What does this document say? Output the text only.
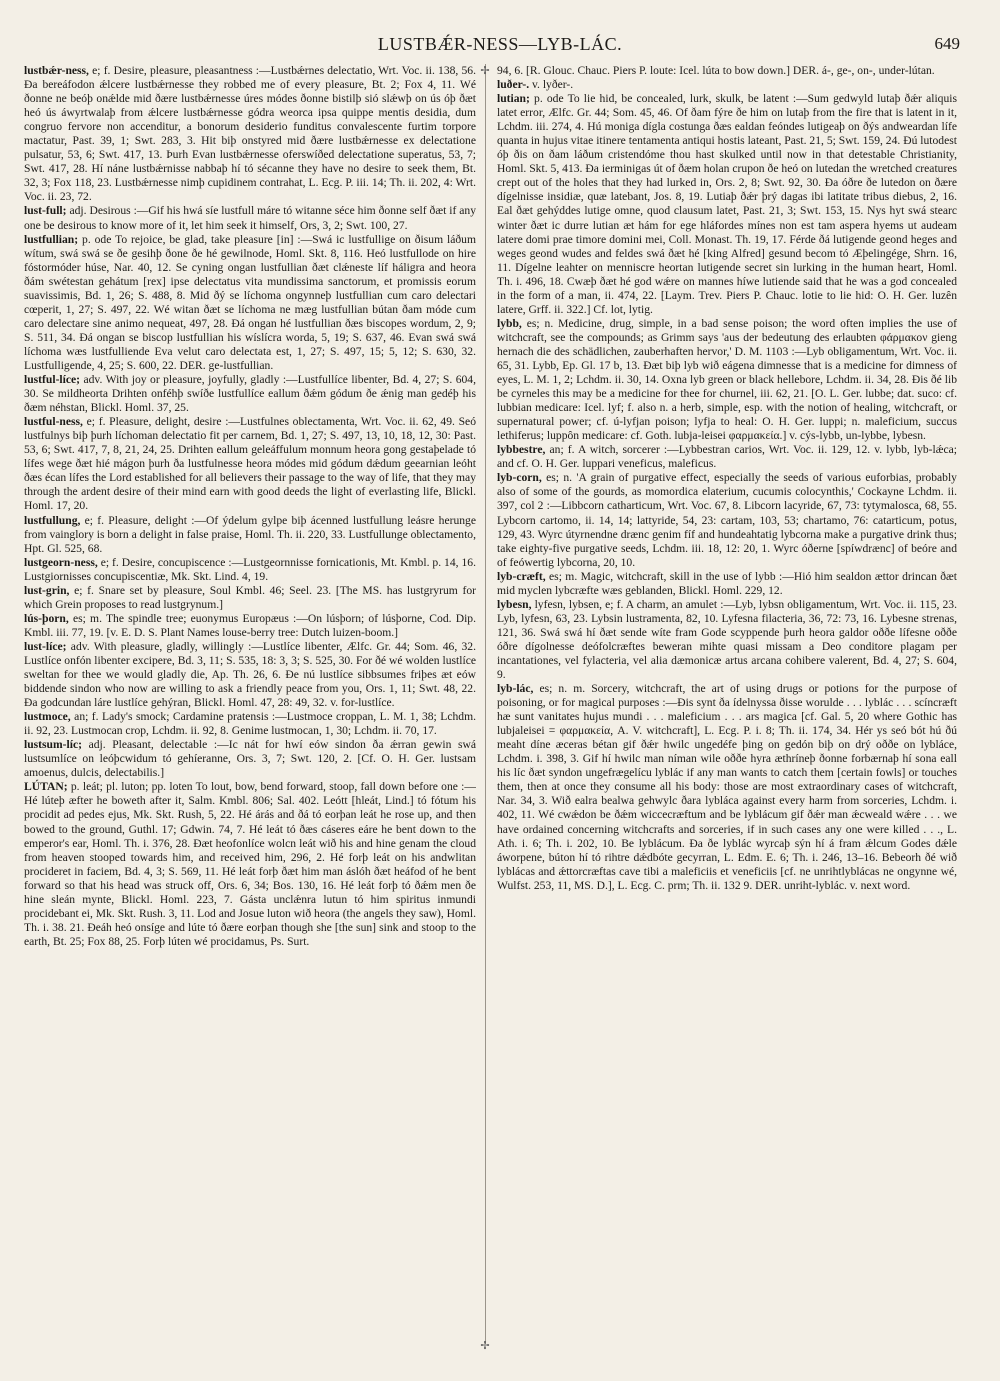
LUSTBǼR-NESS—LYB-LÁC.	649
lustbǽr-ness, e; f. Desire, pleasure, pleasantness :—Lustbǽrnes delectatio, Wrt. Voc. ii. 138, 56. Ða bereáfodon ǽlcere lustbǽrnesse they robbed me of every pleasure, Bt. 2; Fox 4, 11. Wé ðonne ne beóþ onǽlde mid ðære lustbǽrnesse úres módes ðonne bistilþ sió slǽwþ on ús óþ ðæt heó ús áwyrtwalaþ from ǽlcere lustbǽrnesse gódra weorca ipsa quippe mentis desidia, dum congruo fervore non accenditur, a bonorum desiderio funditus convalescente furtim torpore mactatur, Past. 39, 1; Swt. 283, 3. Hit biþ onstyred mid ðære lustbǽrnesse ex delectatione pulsatur, 53, 6; Swt. 417, 13. Þurh Evan lustbǽrnesse oferswíðed delectatione superatus, 53, 7; Swt. 417, 28. Hí náne lustbǽrnisse nabbaþ hí tó sécanne they have no desire to seek them, Bt. 32, 3; Fox 118, 23. Lustbǽrnesse nimþ cupidinem contrahat, L. Ecg. P. iii. 14; Th. ii. 202, 4: Wrt. Voc. ii. 23, 72.
lust-full; adj. Desirous :—Gif his hwá síe lustfull máre tó witanne séce him ðonne self ðæt if any one be desirous to know more of it, let him seek it himself, Ors, 3, 2; Swt. 100, 27.
lustfullian; p. ode To rejoice, be glad, take pleasure [in] :—Swá ic lustfullige on ðisum láðum wítum, swá swá se ðe gesihþ ðone ðe hé gewilnode, Homl. Skt. 8, 116. Heó lustfullode on hire fóstormóder húse, Nar. 40, 12. Se cyning ongan lustfullian ðæt clǽneste líf háligra and heora ðám swétestan gehátum [rex] ipse delectatus vita mundissima sanctorum, et promissis eorum suavissimis, Bd. 1, 26; S. 488, 8. Mid ðý se líchoma ongynneþ lustfullian cum caro delectari cœperit, 1, 27; S. 497, 22. Wé witan ðæt se líchoma ne mæg lustfullian bútan ðam móde cum caro delectare sine animo nequeat, 497, 28. Ðá ongan hé lustfullian ðæs biscopes wordum, 2, 9; S. 511, 34. Ðá ongan se biscop lustfullian his wíslícra worda, 5, 19; S. 637, 46. Evan swá swá líchoma wæs lustfulliende Eva velut caro delectata est, 1, 27; S. 497, 15; 5, 12; S. 630, 32. Lustfulligende, 4, 25; S. 600, 22. DER. ge-lustfullian.
lustful-líce; adv. With joy or pleasure, joyfully, gladly :—Lustfullíce libenter, Bd. 4, 27; S. 604, 30. Se mildheorta Drihten onféhþ swíðe lustfullíce eallum ðǽm gódum ðe ǽnig man gedéþ his ðæm néhstan, Blickl. Homl. 37, 25.
lustful-ness, e; f. Pleasure, delight, desire :—Lustfulnes oblectamenta, Wrt. Voc. ii. 62, 49. Seó lustfulnys biþ þurh líchoman delectatio fit per carnem, Bd. 1, 27; S. 497, 13, 10, 18, 12, 30: Past. 53, 6; Swt. 417, 7, 8, 21, 24, 25. Drihten eallum geleáffulum monnum heora gong gestaþelade tó lífes wege ðæt hié mágon þurh ða lustfulnesse heora módes mid gódum dǽdum geearnian leóht ðæs écan lífes the Lord established for all believers their passage to the way of life, that they may through the ardent desire of their mind earn with good deeds the light of everlasting life, Blickl. Homl. 17, 20.
lustfullung, e; f. Pleasure, delight :—Of ýdelum gylpe biþ ácenned lustfullung leásre herunge from vainglory is born a delight in false praise, Homl. Th. ii. 220, 33. Lustfullunge oblectamento, Hpt. Gl. 525, 68.
lustgeorn-ness, e; f. Desire, concupiscence :—Lustgeornnisse fornicationis, Mt. Kmbl. p. 14, 16. Lustgiornisses concupiscentiæ, Mk. Skt. Lind. 4, 19.
lust-grin, e; f. Snare set by pleasure, Soul Kmbl. 46; Seel. 23. [The MS. has lustgryrum for which Grein proposes to read lustgrynum.]
lús-þorn, es; m. The spindle tree; euonymus Europæus :—On lúsþorn; of lúsþorne, Cod. Dip. Kmbl. iii. 77, 19. [v. E. D. S. Plant Names louse-berry tree: Dutch luizen-boom.]
lust-líce; adv. With pleasure, gladly, willingly :—Lustlíce libenter, Ælfc. Gr. 44; Som. 46, 32. Lustlíce onfón libenter excipere, Bd. 3, 11; S. 535, 18: 3, 3; S. 525, 30. For ðé wé wolden lustlíce sweltan for thee we would gladly die, Ap. Th. 26, 6. Ðe nú lustlíce sibbsumes friþes æt eów biddende sindon who now are willing to ask a friendly peace from you, Ors. 1, 11; Swt. 48, 22. Ða godcundan láre lustlíce gehýran, Blickl. Homl. 47, 28: 49, 32. v. for-lustlíce.
lustmoce, an; f. Lady's smock; Cardamine pratensis :—Lustmoce croppan, L. M. 1, 38; Lchdm. ii. 92, 23. Lustmocan crop, Lchdm. ii. 92, 8. Genime lustmocan, 1, 30; Lchdm. ii. 70, 17.
lustsum-líc; adj. Pleasant, delectable :—Ic nát for hwí eów sindon ða ǽrran gewin swá lustsumlíce on leóþcwidum tó gehíeranne, Ors. 3, 7; Swt. 120, 2. [Cf. O. H. Ger. lustsam amoenus, dulcis, delectabilis.]
LÚTAN; p. leát; pl. luton; pp. loten To lout, bow, bend forward, stoop, fall down before one :—Hé lúteþ æfter he boweth after it, Salm. Kmbl. 806; Sal. 402. Leótt [hleát, Lind.] tó fótum his procidit ad pedes ejus, Mk. Skt. Rush, 5, 22. Hé árás and ðá tó eorþan leát he rose up, and then bowed to the ground, Guthl. 17; Gdwin. 74, 7. Hé leát tó ðæs cáseres eáre he bent down to the emperor's ear, Homl. Th. i. 376, 28. Ðæt heofonlíce wolcn leát wið his and hine genam the cloud from heaven stooped towards him, and received him, 296, 2. Hé forþ leát on his andwlitan procideret in faciem, Bd. 4, 3; S. 569, 11. Hé leát forþ ðæt him man áslóh ðæt heáfod of he bent forward so that his head was struck off, Ors. 6, 34; Bos. 130, 16. Hé leát forþ tó ðǽm men ðe hine sleán mynte, Blickl. Homl. 223, 7. Gásta unclǽnra lutun tó him spiritus inmundi procidebant ei, Mk. Skt. Rush. 3, 11. Lod and Josue luton wið heora (the angels they saw), Homl. Th. i. 38. 21. Ðeáh heó onsíge and lúte tó ðære eorþan though she [the sun] sink and stoop to the earth, Bt. 25; Fox 88, 25. Forþ lúten wé procidamus, Ps. Surt.
✢
✢
94, 6. [R. Glouc. Chauc. Piers P. loute: Icel. lúta to bow down.] DER. á-, ge-, on-, under-lútan.
luðer-. v. lyðer-.
lutian; p. ode To lie hid, be concealed, lurk, skulk, be latent :—Sum gedwyld lutaþ ðǽr aliquis latet error, Ælfc. Gr. 44; Som. 45, 46. Of ðam fýre ðe him on lutaþ from the fire that is latent in it, Lchdm. iii. 274, 4. Hú moniga dígla costunga ðæs ealdan feóndes lutigeaþ on ðýs andweardan lífe quanta in hujus vitae itinere tentamenta antiqui hostis lateant, Past. 21, 5; Swt. 159, 24. Ðú lutodest óþ ðis on ðam láðum cristendóme thou hast skulked until now in that detestable Christianity, Homl. Skt. 5, 413. Ða ierminigas út of ðæm holan crupon ðe heó on lutedan the wretched creatures crept out of the holes that they had lurked in, Ors. 2, 8; Swt. 92, 30. Ða óðre ðe lutedon on ðære dígelnisse insidiæ, quæ latebant, Jos. 8, 19. Lutiaþ ðǽr þrý dagas ibi latitate tribus diebus, 2, 16. Eal ðæt gehýddes lutige omne, quod clausum latet, Past. 21, 3; Swt. 153, 15. Nys hyt swá stearc winter ðæt ic durre lutian æt hám for ege hláfordes mínes non est tam aspera hyems ut audeam latere domi prae timore domini mei, Coll. Monast. Th. 19, 17. Férde ðá lutigende geond heges and weges geond wudes and feldes swá ðæt hé [king Alfred] gesund becom tó Æþelingége, Shrn. 16, 11. Dígelne leahter on menniscre heortan lutigende secret sin lurking in the human heart, Homl. Th. i. 496, 18. Cwæþ ðæt hé god wǽre on mannes híwe lutiende said that he was a god concealed in the form of a man, ii. 474, 22. [Laym. Trev. Piers P. Chauc. lotie to lie hid: O. H. Ger. luzên latere, Grff. ii. 322.] Cf. lot, lytig.
lybb, es; n. Medicine, drug, simple, in a bad sense poison; the word often implies the use of witchcraft, see the compounds; as Grimm says 'aus der bedeutung des erlaubten φάρμακον gieng hernach die des schädlichen, zauberhaften hervor,' D. M. 1103 :—Lyb obligamentum, Wrt. Voc. ii. 65, 31. Lybb, Ep. Gl. 17 b, 13. Ðæt biþ lyb wið eágena dimnesse that is a medicine for dimness of eyes, L. M. 1, 2; Lchdm. ii. 30, 14. Oxna lyb green or black hellebore, Lchdm. ii. 34, 28. Ðis ðé lib be cyrneles this may be a medicine for thee for churnel, iii. 62, 21. [O. L. Ger. lubbe; dat. suco: cf. lubbian medicare: Icel. lyf; f. also n. a herb, simple, esp. with the notion of healing, witchcraft, or supernatural power; cf. ú-lyfjan poison; lyfja to heal: O. H. Ger. luppi; n. maleficium, succus lethiferus; luppôn medicare: cf. Goth. lubja-leisei φαρμακεία.] v. cýs-lybb, un-lybbe, lybesn.
lybbestre, an; f. A witch, sorcerer :—Lybbestran carios, Wrt. Voc. ii. 129, 12. v. lybb, lyb-lǽca; and cf. O. H. Ger. luppari veneficus, maleficus.
lyb-corn, es; n. 'A grain of purgative effect, especially the seeds of various euforbias, probably also of some of the gourds, as momordica elaterium, cucumis colocynthis,' Cockayne Lchdm. ii. 397, col 2 :—Libbcorn catharticum, Wrt. Voc. 67, 8. Libcorn lacyride, 67, 73: tytymalosca, 68, 55. Lybcorn cartomo, ii. 14, 14; lattyride, 54, 23: cartam, 103, 53; chartamo, 76: catarticum, potus, 129, 43. Wyrc útyrnendne drænc genim fíf and hundeahtatig lybcorna make a purgative drink thus; take eighty-five purgative seeds, Lchdm. iii. 18, 12: 20, 1. Wyrc óðerne [spíwdrænc] of beóre and of feówertig lybcorna, 20, 10.
lyb-cræft, es; m. Magic, witchcraft, skill in the use of lybb :—Hió him sealdon ættor drincan ðæt mid myclen lybcræfte wæs geblanden, Blickl. Homl. 229, 12.
lybesn, lyfesn, lybsen, e; f. A charm, an amulet :—Lyb, lybsn obligamentum, Wrt. Voc. ii. 115, 23. Lyb, lyfesn, 63, 23. Lybsin lustramenta, 82, 10. Lyfesna filacteria, 36, 72: 73, 16. Lybesne strenas, 121, 36. Swá swá hí ðæt sende wíte fram Gode scyppende þurh heora galdor oððe lífesne oððe óðre dígolnesse deófolcræftes beweran mihte quasi missam a Deo conditore plagam per incantationes, vel fylacteria, vel alia dæmonicæ artus arcana cohibere valerent, Bd. 4, 27; S. 604, 9.
lyb-lác, es; n. m. Sorcery, witchcraft, the art of using drugs or potions for the purpose of poisoning, or for magical purposes :—Ðis synt ða ídelnyssa ðisse woruldе . . . lybláс . . . scíncræft hæ sunt vanitates hujus mundi . . . maleficium . . . ars magica [cf. Gal. 5, 20 where Gothic has lubjaleisei = φαρμακεία, A. V. witchcraft], L. Ecg. P. i. 8; Th. ii. 174, 34. Hér ys seó bót hú ðú meaht díne æceras bétan gif ðǽr hwilc ungedéfe þing on gedón biþ on drý oððe on lybláce, Lchdm. i. 398, 3. Gif hí hwilc man níman wile oððe hyra æthrínеþ ðonne forbærnaþ hí sona eall his líc ðæt syndon ungefrægelícu lybláс if any man wants to catch them [certain fowls] or touches them, then at once they consume all his body: those are most extraordinary cases of witchcraft, Nar. 34, 3. Wið ealra bealwa gehwylc ðara lybláca against every harm from sorceries, Lchdm. i. 402, 11. Wé cwǽdon be ðǽm wiccecræftum and be lybláсum gif ðǽr man ǽcweald wǽre . . . we have ordained concerning witchcrafts and sorceries, if in such cases any one were killed . . ., L. Ath. i. 6; Th. i. 202, 10. Be lybláсum. Ða ðe lyblác wyrcaþ sýn hí á fram ǽlcum Godes dǽle áworpene, búton hí tó rihtre dǽdbóte gecyrran, L. Edm. E. 6; Th. i. 246, 13–16. Bebeorh ðé wið lybláсas and ǽttorcræftas cave tibi a maleficiis et veneficiis [cf. ne unrihtlybláсas ne ongynne wé, Wulfst. 253, 11, MS. D.], L. Ecg. C. prm; Th. ii. 132 9. DER. unriht-lybláс. v. next word.
